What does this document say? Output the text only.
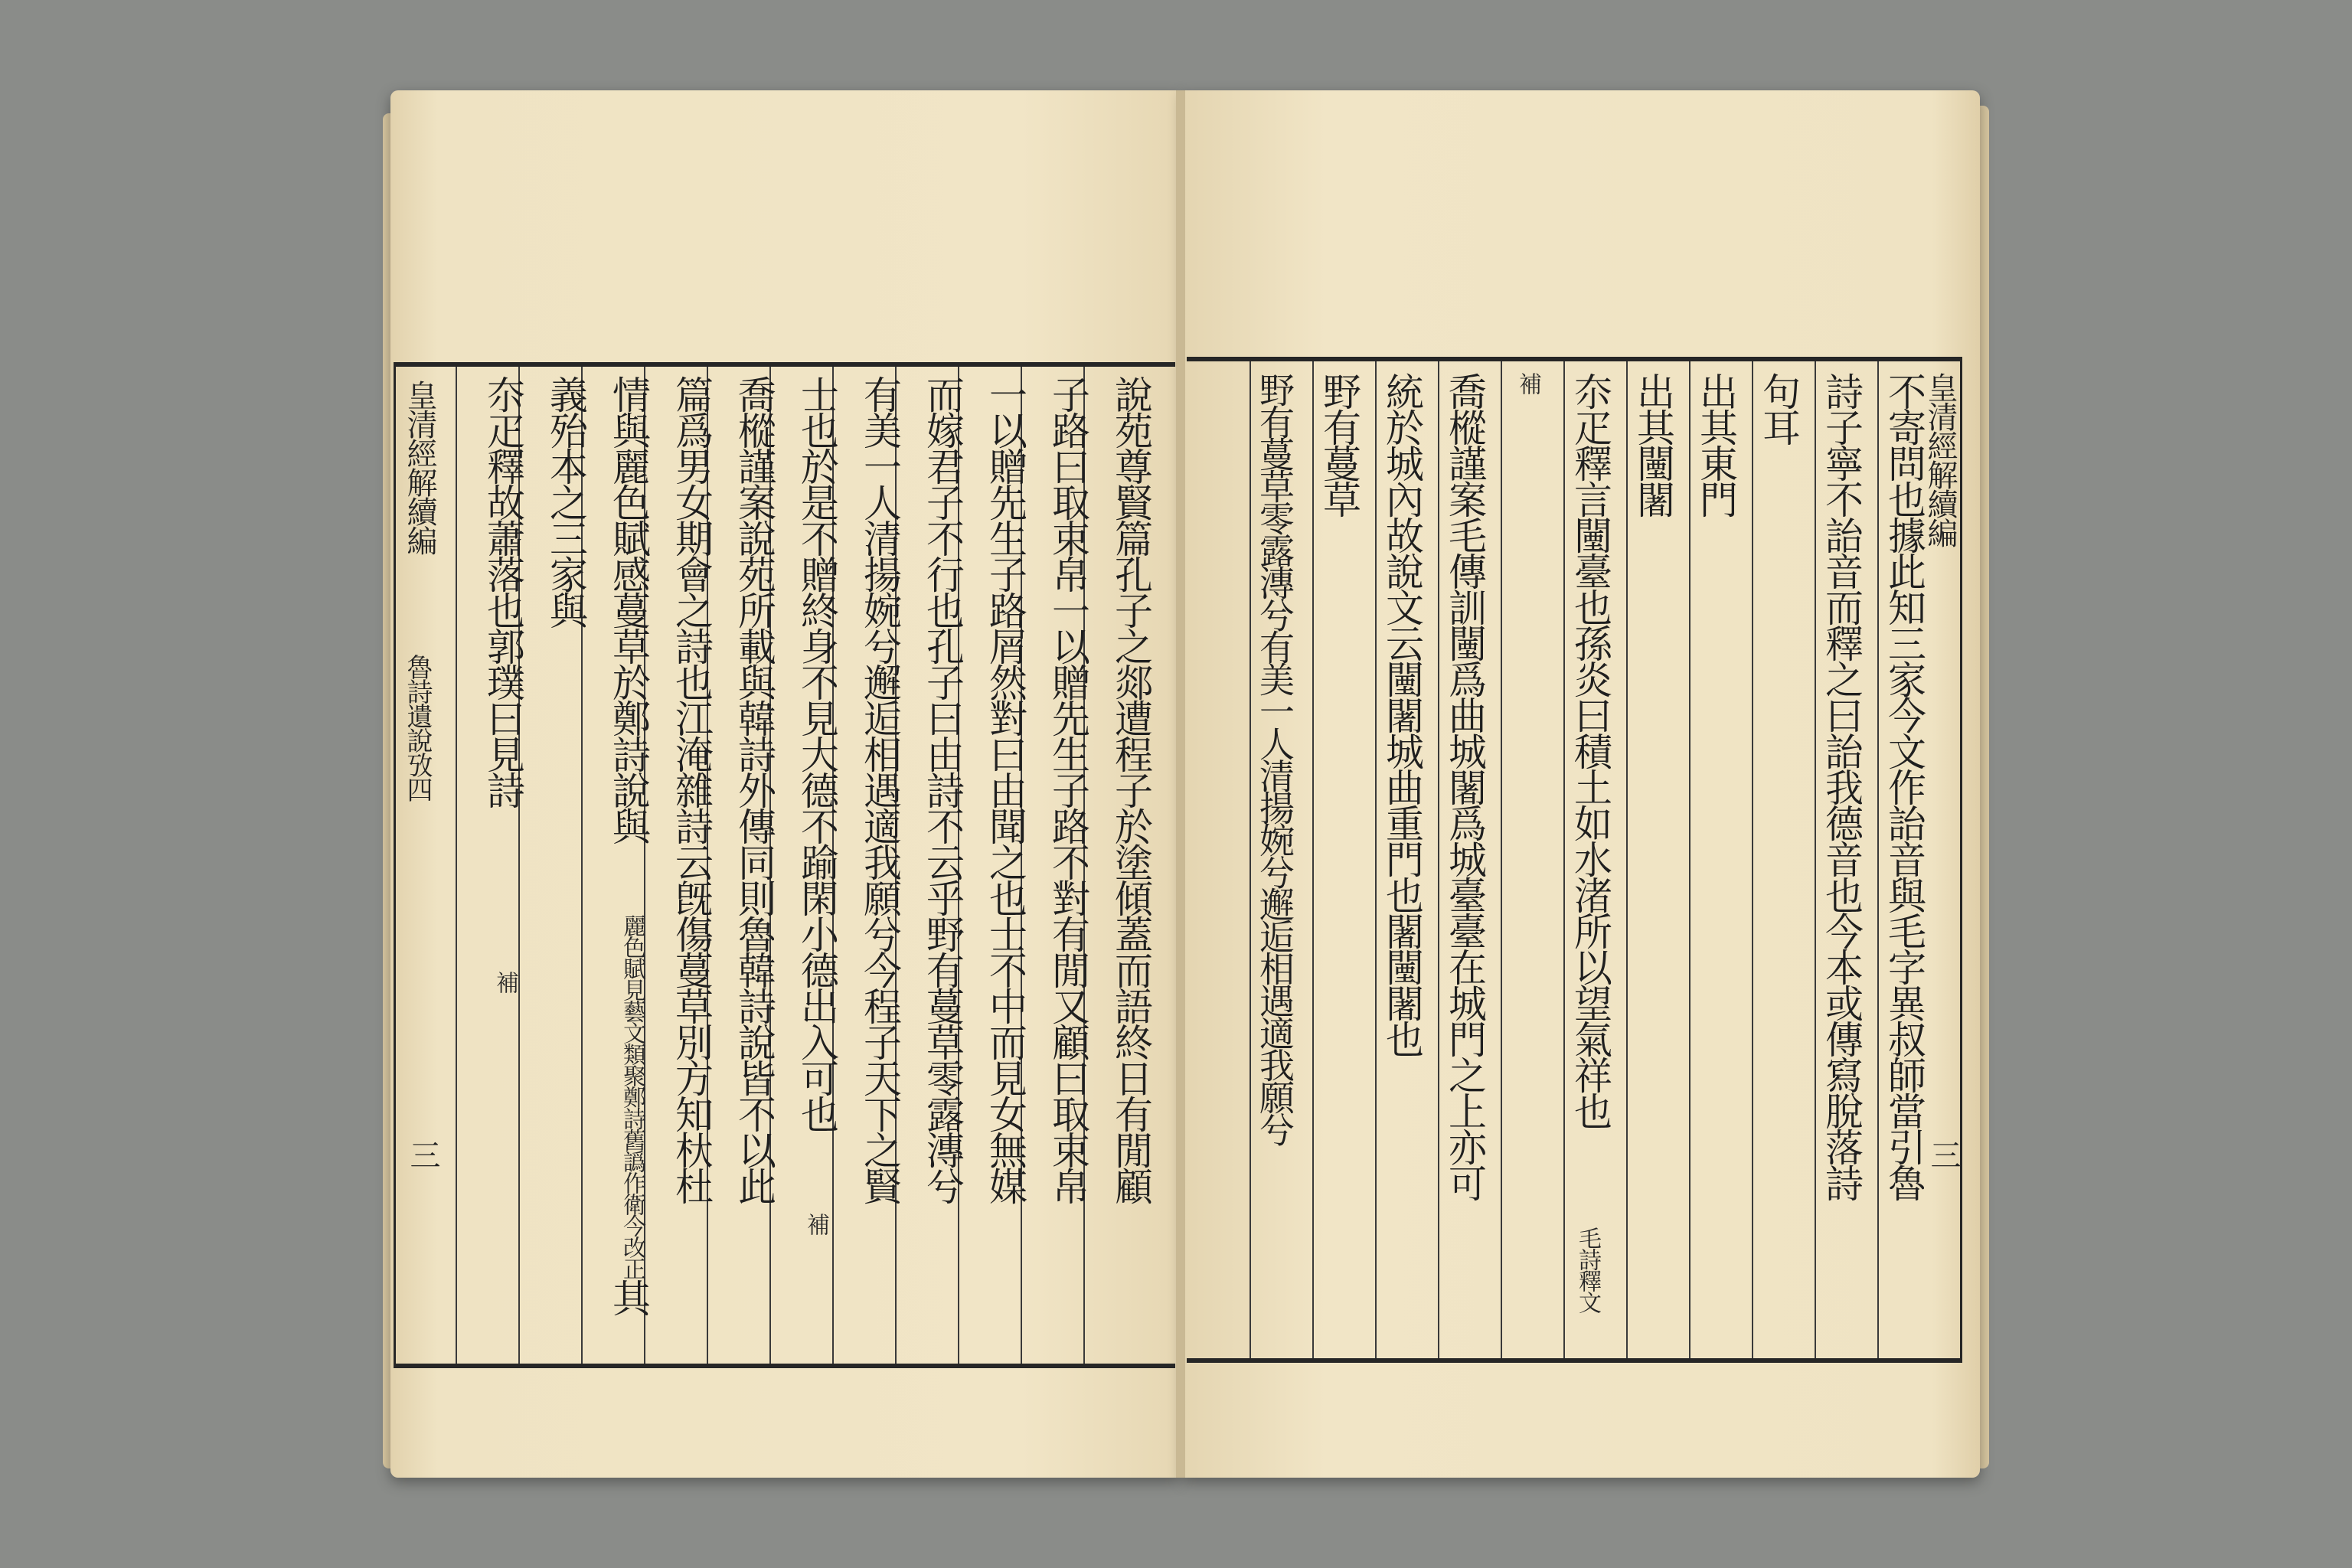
皇清經解續編
魯詩遺說攷四
三	說苑尊賢篇孔子之郯遭程子於塗傾蓋而語終日有閒顧
子路曰取束帛一以贈先生子路不對有閒又顧曰取束帛
一以贈先生子路屑然對曰由聞之也士不中而見女無媒
而嫁君子不行也孔子曰由詩不云乎野有蔓草零露漙兮
有美一人清揚婉兮邂逅相遇適我願兮今程子天下之賢
士也於是不贈終身不見大德不踰閑小德出入可也
補
喬樅謹案說苑所載與韓詩外傳同則魯韓詩說皆不以此
篇爲男女期會之詩也江淹雜詩云旣傷蔓草別方知杕杜
情與麗色賦感蔓草於鄭詩說與
麗色賦見藝文類聚鄭詩舊譌作衛今改正
其
義殆本之三家與
夵疋釋故蕭落也郭璞曰見詩
補
皇清經解續編
三
不寄問也據此知三家今文作詒音與毛字異叔師當引魯
詩子寧不詒音而釋之曰詒我德音也今本或傳寫脫落詩
句耳
出其東門
出其闉闍
夵疋釋言闉臺也孫炎曰積土如水渚所以望氣祥也
毛詩釋文
補
喬樅謹案毛傳訓闉爲曲城闍爲城臺臺在城門之上亦可
統於城內故說文云闉闍城曲重門也闍闉闍也
野有蔓草
野有蔓草零露漙兮有美一人清揚婉兮邂逅相遇適我願兮
